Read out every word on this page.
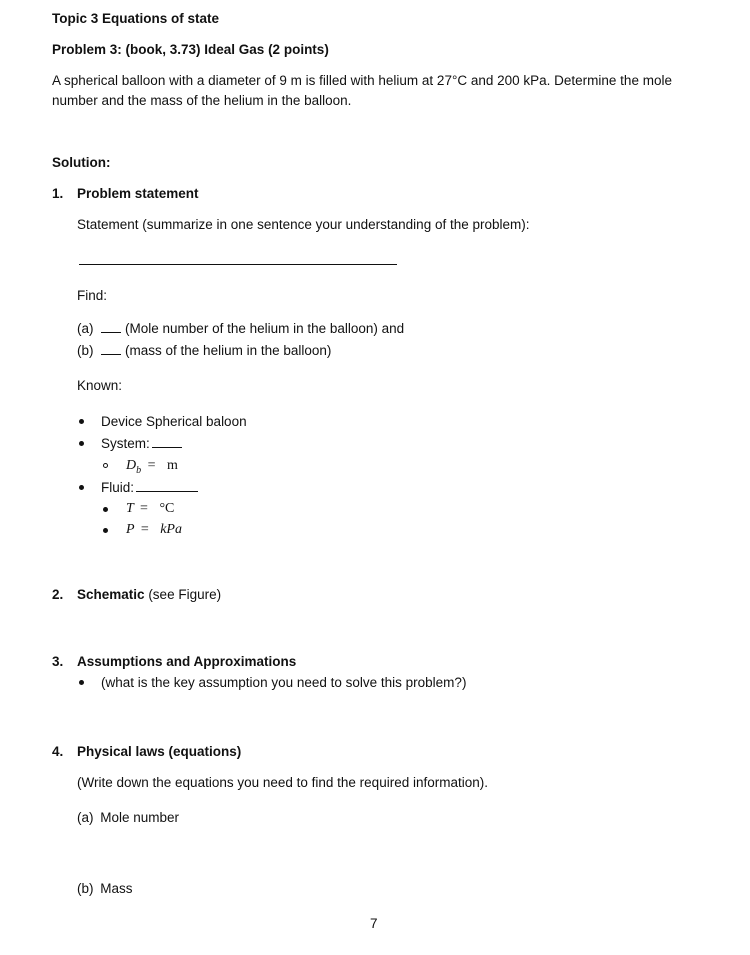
Topic 3 Equations of state
Problem 3: (book, 3.73) Ideal Gas (2 points)
A spherical balloon with a diameter of 9 m is filled with helium at 27°C and 200 kPa. Determine the mole number and the mass of the helium in the balloon.
Solution:
1. Problem statement
Statement (summarize in one sentence your understanding of the problem):
Find:
(a) (Mole number of the helium in the balloon) and
(b) (mass of the helium in the balloon)
Known:
Device Spherical baloon
System:
$D_b = m$
Fluid:
T = °C
P = kPa
2. Schematic (see Figure)
3. Assumptions and Approximations
(what is the key assumption you need to solve this problem?)
4. Physical laws (equations)
(Write down the equations you need to find the required information).
(a) Mole number
(b) Mass
7
